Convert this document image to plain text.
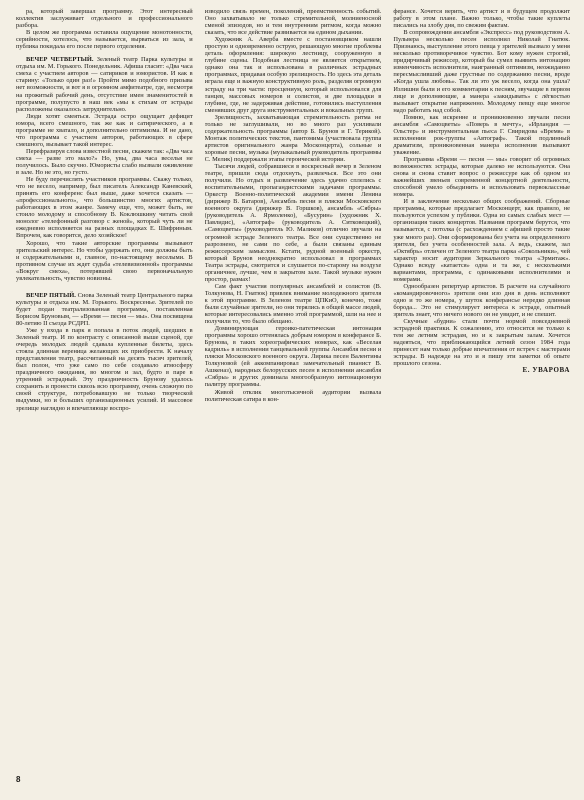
ра, который завершал программу. Этот интересный коллектив заслуживает отдельного и профессионального разбора.

В целом же программа оставила ощущение монотонности, серийности, хотелось, что называется, вырваться из зала, и публика покидала его после первого отделения.

ВЕЧЕР ЧЕТВЕРТЫЙ. Зеленый театр Парка культуры и отдыха им. М. Горького. Понедельник. Афиша гласит: «Два часа смеха с участием авторов — сатириков и юмористов. И как в старину: «Только один раз!» Пройти мимо подобного призыва нет возможности, и вот я в огромном амфитеатре, где, несмотря на прожитый рабочий день, отсутствие имен знаменитостей в программе, полупусто в наш век «мы к стихам от эстрады расположены оказалось затруднительно.

Люди хотят смеяться. Эстрада остро ощущает дефицит юмора, всего смешного, так же как и сатирического, а в программе не хватало, и дополнительно оптимизма. И не дано, что программа с участием авторов, работающих в сфере смешного, вызывает такой интерес.

Перефразируя слова известной песни, скажем так: «Два часа смеха — разве это мало?» Но, увы, два часа веселья не получилось. Было скучно. Юмористы слабо вызвали оживление в зале. Но не это, но густо.

Не буду перечислять участников программы. Скажу только, что не весело, например, был писатель Александр Каневский, принять его конференс был выше, даже хочется сказать — «профессионального», что большинство многих артистов, работающих в этом жанре. Замечу еще, что, может быть, не стоило молодому и способному В. Коклюшкину читать свой монолог «телефонный разговор с женой», который чуть ли не ежедневно исполняется на разных площадках Е. Шифриным. Впрочем, как говорится, дело хозяйское!

Хорошо, что такие авторские программы вызывают зрительский интерес. Но чтобы удержать его, они должны быть и содержательными и, главное, по-настоящему веселыми. В противном случае их ждет судьба «телевизионной» программы «Вокруг смеха», потерявшей свою первоначальную увлекательность, чувство новизны.

ВЕЧЕР ПЯТЫЙ. Снова Зеленый театр Центрального парка культуры и отдыха им. М. Горького. Воскресенье. Зрителей по будет подан театрализованная программа, поставленная Борисом Бруновым, — «Время — песня — мы». Она посвящена 80-летию II съезда РСДРП.

Уже у входа в парк я попала в поток людей, шедших в Зеленый театр. И по контрасту с описанной выше сценой, где очередь молодых людей сдавала купленные билеты, здесь стояла длинная вереница желающих их приобрести. К началу представления театр, рассчитанный на десять тысяч зрителей, был полон, что уже само по себе создавало атмосферу праздничного ожидания, во многом и зал, будто в паре в утренний эстрадный. Эту праздничность Брунову удалось сохранить и пронести сквозь всю программу, очень сложную по своей структуре, потребовавшую не только творческой выдумки, но и больших организационных усилий. И массовое зрелище наглядно и впечатляюще воспро-

изводило связь времен, поколений, преемственность событий. Оно захватывало не только стремительной, молниеносной сменой эпизодов, но и тем внутренним ритмом, когда можно сказать, что все действие развивается на едином дыхании.

Художник А. Аверба вместе с постановщиком нашли простую и одновременно острую, решающую многие проблемы деталь оформления: широкую лестницу, сооруженную в глубине сцены. Подобная лестница не является открытием, однако она так и использована в различных эстрадных программах, придавая особую зрелищность. Но здесь эта деталь играла еще и важную конструктивную роль, разделяя огромную эстраду на три части: просцениум, который использовался для танцев, массовых номеров и солистов, и две площадки в глубине, где, не задерживая действие, готовились выступления сменявших друг друга инструментальных и вокальных групп.

Зрелищность, захватывающая стремительность ритма не только не заглушивали, но во много раз усиливали содержательность программы (автор Б. Брунов и Г. Терикой). Монтаж политических текстов, пантомима (участвовала группа артистов оригинального жанра Москонцерта), сольные и хоровые песни, музыка (музыкальный руководитель программы С. Мелик) поддержали этапы героической истории.

Тысячи людей, собравшиеся в воскресный вечер в Зеленом театре, пришли сюда отдохнуть, развлечься. Все это они получили. Но отдых и развлечение здесь удачно сплелись с воспитательными, пропагандистскими задачами программы. Оркестр Военно-политической академии имени Ленина (дирижер В. Батаров), Ансамбль песни и пляски Московского военного округа (дирижер В. Горшков), ансамбль «Сябры» (руководитель А. Ярмоленко), «Бусурин» (художник Х. Павлидис), «Автограф» (руководитель А. Ситковецкий), «Самоцветы» (руководитель Ю. Маликов) отлично звучали на огромной эстраде Зеленого театра. Все они существенно не разрознено, не сами по себе, а были связаны единым режиссерским замыслом. Кстати, рудной военный оркестр, который Брунов неоднократно использовал в программах Театра эстрады, смотрится и слушается по-старому на воздухе органичнее, лучше, чем в закрытом зале. Такой музыке нужен простор, размах!

Сам факт участия популярных ансамблей и солистов (В. Толкунова, Н. Гнатюк) привлек внимание молодежного зрителя к этой программе. В Зеленом театре ЦПКиО, конечно, тоже были случайные зрители, но они терялись в общей массе людей, которые интересовались именно этой программой, шли на нее и получили то, что было обещано.

Доминирующая героико-патетическая интонация программы хорошо оттенялась добрым юмором в конферансе Б. Брунова, в таких хореографических номерах, как «Веселая кадриль» в исполнении танцевальной группы Ансамбля песни и пляски Московского военного округа. Лирика песен Валентины Толкуновой (ей аккомпанировал замечательный пианист В. Ашкеназ), народных белорусских песен в исполнении ансамбля «Сябры» и других доминала многообразную интонационную палитру программы.

Живой отклик многотысячной аудитории вызвала политическая сатира в кон-

ферансе. Хочется верить, что артист и в будущем продолжит работу в этом плане. Важно только, чтобы такие куплеты писались на злобу дня, по свежим фактам.

В сопровождении ансамбля «Экспресс» под руководством А. Пульвера несколько песен исполнил Николай Гнатюк. Признаюсь, выступление этого певца у зрителей вызвало у меня несколько противоречивое чувство. Бот кому нужен строгий, придирчивый режиссер, который бы сумел выявить интонацию изменчивость исполнителя, наигранный оптимизм, неожиданно пересмысливший даже грустные по содержанию песни, вроде «Когда ушла любовь». Так ли это уж весело, когда она ушла? Излишни были и его комментарии к песням, звучащие в первом лице и дополняющие, а манера «закидывать» с лёгкостью вызывает открытие напряженно. Молодому певцу еще многое надо работать над собой.

Помню, как искренне и проникновенно звучали песни ансамбля «Самоцветы» «Поверь в мечту», «Ирландия — Ольстер» и инструментальная пьеса Г. Свиридова «Время» в исполнении рок-группы «Автограф». Такой подлинный драматизм, проникновенная манера исполнения вызывают уважение.

Программа «Время — песня — мы» говорит об огромных возможностях эстрады, которые далеко не используются. Она снова и снова ставит вопрос о режиссуре как об одном из важнейших звеньев современной концертной деятельности, способной умело объединить и использовать первоклассные номера.

И в заключение несколько общих соображений. Сборные программы, которые предлагает Москонцерт, как правило, не пользуются успехом у публики. Одна из самых слабых мест — организация таких концертов. Названия программ берутся, что называется, с потолка (с расхождением с афишей просто такие уже много раз). Они сформированы без учета на определенного зрителя, без учета особенностей зала. А ведь, скажем, зал «Октябрь» отличен от Зеленого театра парка «Сокольники», чей характер носит аудитория Зеркального театра «Эрмитаж». Однако всюду «катается» одна и та же, с несколькими вариантами, программа, с одинаковыми исполнителями и номерами.

Однообразен репертуар артистов. В расчете на случайного «командировочного» зрителя они изо дня в день исполняют одно и то же номера, у шуток конферансье нередко длинная борода... Это не стимулирует интереса к эстраде, опытный зритель знает, что ничего нового он не увидит, и не спешит.

Скучные «будни» стали почти нормой повседневной эстрадной практики. К сожалению, это относится не только к тем же летним эстрадам, но и к закрытым залам. Хочется надеяться, что приближающийся летний сезон 1984 года принесет нам только добрые впечатления от встреч с мастерами эстрады. В надежде на это и я пишу эти заметки об опыте прошлого сезона.

Е. УВАРОВА

8
